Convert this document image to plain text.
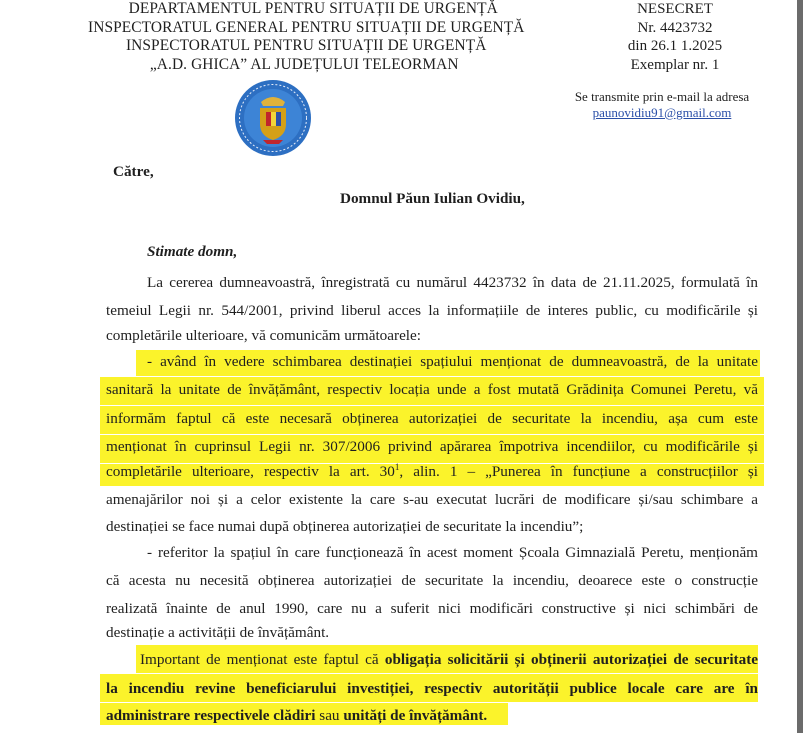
DEPARTAMENTUL PENTRU SITUAȚII DE URGENȚĂ
INSPECTORATUL GENERAL PENTRU SITUAȚII DE URGENȚĂ
INSPECTORATUL PENTRU SITUAȚII DE URGENȚĂ
„A.D. GHICA” AL JUDEȚULUI TELEORMAN
NESECRET
Nr. 4423732
din 26.1 1.2025
Exemplar nr. 1
Se transmite prin e-mail la adresa
paunovidiu91@gmail.com
Către,
Domnul Păun Iulian Ovidiu,
Stimate domn,
La cererea dumneavoastră, înregistrată cu numărul 4423732 în data de 21.11.2025, formulată în
temeiul Legii nr. 544/2001, privind liberul acces la informațiile de interes public, cu modificările și
completările ulterioare, vă comunicăm următoarele:
- având în vedere schimbarea destinației spațiului menționat de dumneavoastră, de la unitate
sanitară la unitate de învățământ, respectiv locația unde a fost mutată Grădinița Comunei Peretu, vă
informăm faptul că este necesară obținerea autorizației de securitate la incendiu, așa cum este
menționat în cuprinsul Legii nr. 307/2006 privind apărarea împotriva incendiilor, cu modificările și
completările ulterioare, respectiv la art. $30^1$, alin. 1 – „Punerea în funcțiune a construcțiilor și
amenajărilor noi și a celor existente la care s-au executat lucrări de modificare și/sau schimbare a
destinației se face numai după obținerea autorizației de securitate la incendiu”;
- referitor la spațiul în care funcționează în acest moment Școala Gimnazială Peretu, menționăm
că acesta nu necesită obținerea autorizației de securitate la incendiu, deoarece este o construcție
realizată înainte de anul 1990, care nu a suferit nici modificări constructive și nici schimbări de
destinație a activității de învățământ.
Important de menționat este faptul că obligația solicitării și obținerii autorizației de securitate
la incendiu revine beneficiarului investiției, respectiv autorității publice locale care are în
administrare respectivele clădiri sau unități de învățământ.
